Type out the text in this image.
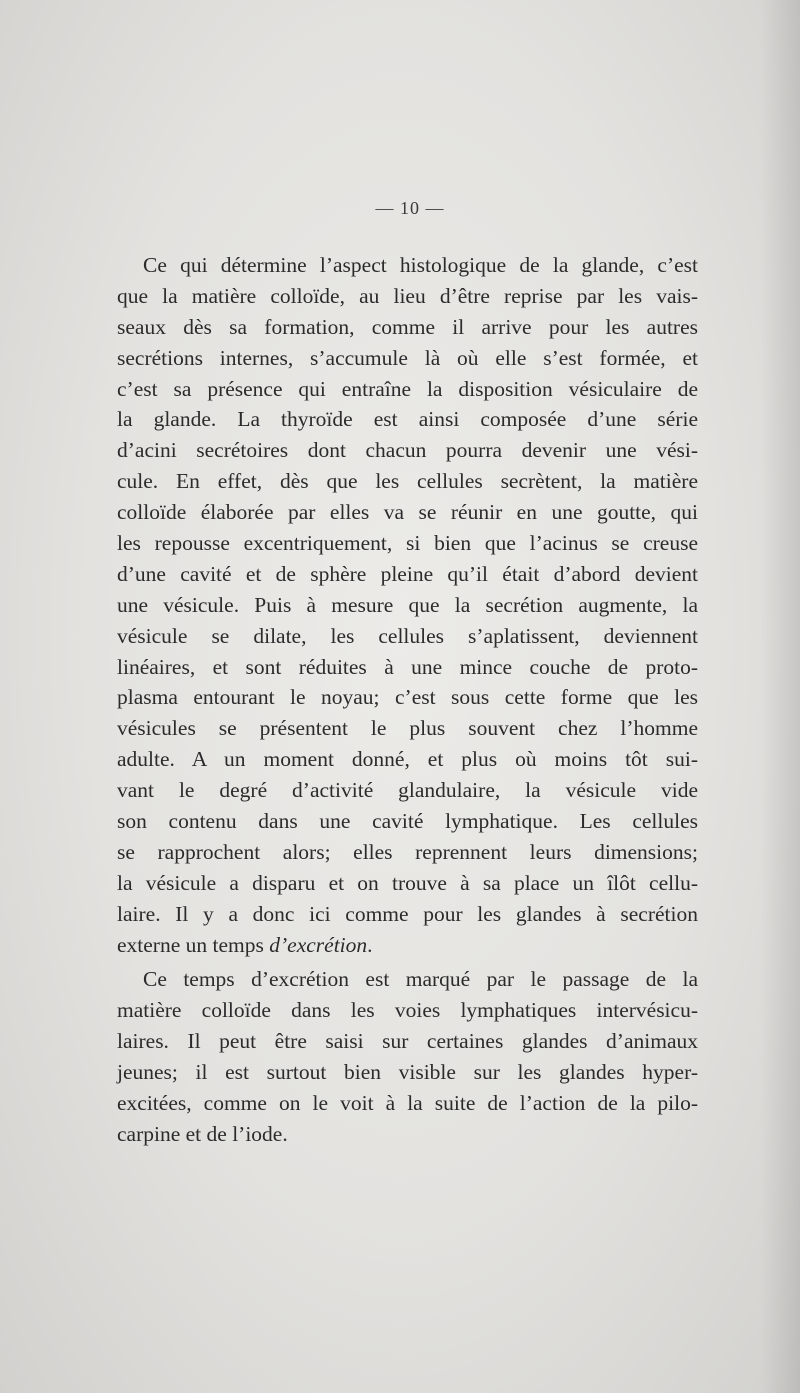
— 10 —
Ce qui détermine l’aspect histologique de la glande, c’est
que la matière colloïde, au lieu d’être reprise par les vais-
seaux dès sa formation, comme il arrive pour les autres
secrétions internes, s’accumule là où elle s’est formée, et
c’est sa présence qui entraîne la disposition vésiculaire de
la glande. La thyroïde est ainsi composée d’une série
d’acini secrétoires dont chacun pourra devenir une vési-
cule. En effet, dès que les cellules secrètent, la matière
colloïde élaborée par elles va se réunir en une goutte, qui
les repousse excentriquement, si bien que l’acinus se creuse
d’une cavité et de sphère pleine qu’il était d’abord devient
une vésicule. Puis à mesure que la secrétion augmente, la
vésicule se dilate, les cellules s’aplatissent, deviennent
linéaires, et sont réduites à une mince couche de proto-
plasma entourant le noyau; c’est sous cette forme que les
vésicules se présentent le plus souvent chez l’homme
adulte. A un moment donné, et plus où moins tôt sui-
vant le degré d’activité glandulaire, la vésicule vide
son contenu dans une cavité lymphatique. Les cellules
se rapprochent alors; elles reprennent leurs dimensions;
la vésicule a disparu et on trouve à sa place un îlôt cellu-
laire. Il y a donc ici comme pour les glandes à secrétion
externe un temps d’excrétion.
Ce temps d’excrétion est marqué par le passage de la
matière colloïde dans les voies lymphatiques intervésicu-
laires. Il peut être saisi sur certaines glandes d’animaux
jeunes; il est surtout bien visible sur les glandes hyper-
excitées, comme on le voit à la suite de l’action de la pilo-
carpine et de l’iode.
